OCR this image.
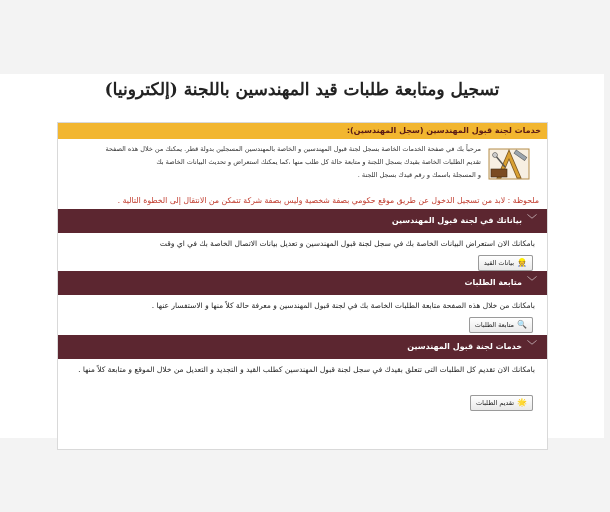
تسجيل ومتابعة طلبات قيد المهندسين باللجنة (إلكترونيا)
خدمات لجنة قبول المهندسين (سجل المهندسين):

مرحباً بك في صفحة الخدمات الخاصة بسجل لجنة قبول المهندسين و الخاصة بالمهندسين المسجلين بدولة قطر. يمكنك من خلال هذه الصفحة

تقديم الطلبات الخاصة بقيدك بسجل اللجنة و متابعة حالة كل طلب منها ،كما يمكنك استعراض و تحديث البيانات الخاصة بك

و المسجلة باسمك و رقم قيدك بسجل اللجنة .

ملحوظة : لابد من تسجيل الدخول عن طريق موقع حكومي بصفة شخصية وليس بصفة شركة تتمكن من الانتقال إلى الخطوة التالية .
﹀
بياناتك في لجنة قبول المهندسين

بامكانك الان استعراض البيانات الخاصة بك في سجل لجنة قبول المهندسين و تعديل بيانات الاتصال الخاصة بك في اي وقت

👷
بيانات القيد
﹀
متابعة الطلبات

بامكانك من خلال هذه الصفحة متابعة الطلبات الخاصة بك في لجنة قبول المهندسين و معرفة حالة كلاً منها و الاستفسار عنها .

🔍
متابعة الطلبات
﹀
خدمات لجنة قبول المهندسين

بامكانك الان تقديم كل الطلبات التى تتعلق بقيدك في سجل لجنة قبول المهندسين كطلب القيد و التجديد و التعديل من خلال الموقع و متابعة كلاً منها .

🌟
تقديم الطلبات
